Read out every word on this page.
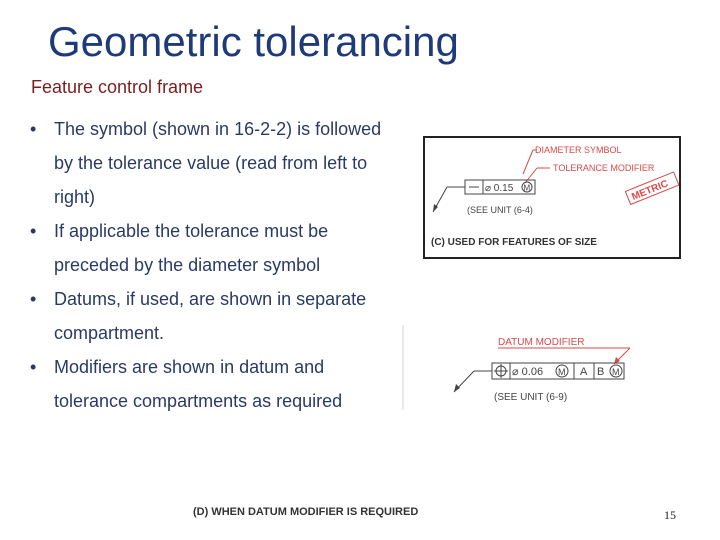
Geometric tolerancing
Feature control frame
• The symbol (shown in 16-2-2) is followed by the tolerance value (read from left to right)
• If applicable the tolerance must be preceded by the diameter symbol
• Datums, if used, are shown in separate compartment.
• Modifiers are shown in datum and tolerance compartments as required
DIAMETER SYMBOL
TOLERANCE MODIFIER
⌀ 0.15 M
(SEE UNIT (6-4)
METRIC
(C) USED FOR FEATURES OF SIZE
DATUM MODIFIER
⌀ 0.06 M A B M
(SEE UNIT (6-9)
(D) WHEN DATUM MODIFIER IS REQUIRED	15
